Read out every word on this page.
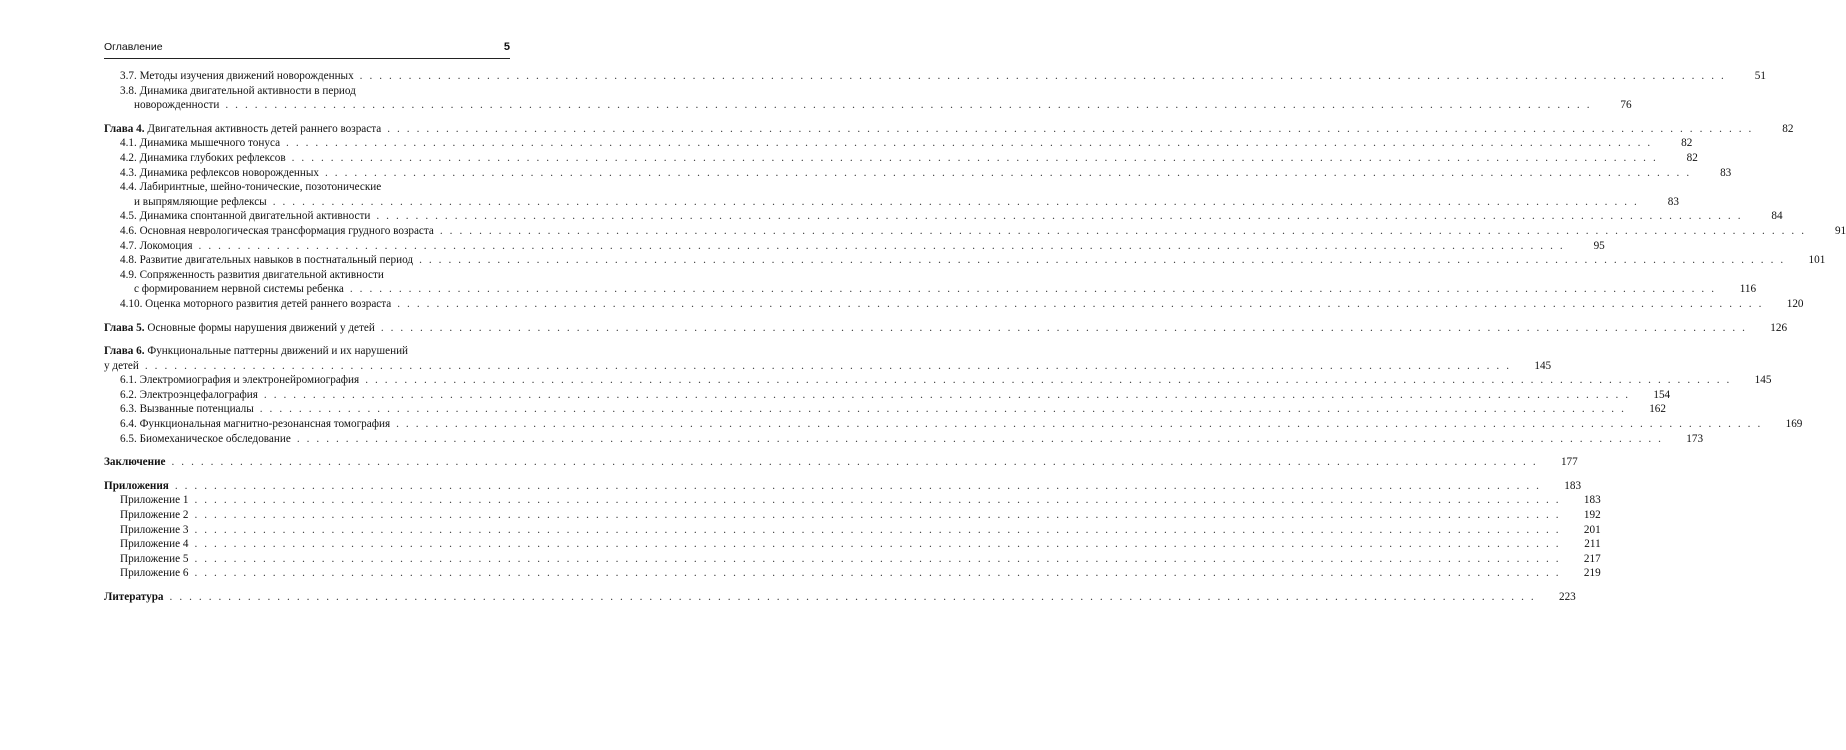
Оглавление	5
3.7. Методы изучения движений новорожденных . . . . . . . . . . . . . . . . . . . . . . . . . . . . . . . . . . . . . . . . . . . . . . . . . . . . . . . . . . . . . . . . . . . . . . . . . . . . . . . . . . . . . . . . . . . . . . . . . . . . . . . . . . . . . . . . . . . . . . . . . . . . . . . . . . . . . . . . . . . .	51
3.8. Динамика двигательной активности в период
новорожденности . . . . . . . . . . . . . . . . . . . . . . . . . . . . . . . . . . . . . . . . . . . . . . . . . . . . . . . . . . . . . . . . . . . . . . . . . . . . . . . . . . . . . . . . . . . . . . . . . . . . . . . . . . . . . . . . . . . . . . . . . . . . . . . . . . . . . . . . . . . .	76
Глава 4. Двигательная активность детей раннего возраста . . . . . . . . . . . . . . . . . . . . . . . . . . . . . . . . . . . . . . . . . . . . . . . . . . . . . . . . . . . . . . . . . . . . . . . . . . . . . . . . . . . . . . . . . . . . . . . . . . . . . . . . . . . . . . . . . . . . . . . . . . . . . . . . . . . . . . . . . . . .	82
4.1. Динамика мышечного тонуса . . . . . . . . . . . . . . . . . . . . . . . . . . . . . . . . . . . . . . . . . . . . . . . . . . . . . . . . . . . . . . . . . . . . . . . . . . . . . . . . . . . . . . . . . . . . . . . . . . . . . . . . . . . . . . . . . . . . . . . . . . . . . . . . . . . . . . . . . . . .	82
4.2. Динамика глубоких рефлексов . . . . . . . . . . . . . . . . . . . . . . . . . . . . . . . . . . . . . . . . . . . . . . . . . . . . . . . . . . . . . . . . . . . . . . . . . . . . . . . . . . . . . . . . . . . . . . . . . . . . . . . . . . . . . . . . . . . . . . . . . . . . . . . . . . . . . . . . . . . .	82
4.3. Динамика рефлексов новорожденных . . . . . . . . . . . . . . . . . . . . . . . . . . . . . . . . . . . . . . . . . . . . . . . . . . . . . . . . . . . . . . . . . . . . . . . . . . . . . . . . . . . . . . . . . . . . . . . . . . . . . . . . . . . . . . . . . . . . . . . . . . . . . . . . . . . . . . . . . . . .	83
4.4. Лабиринтные, шейно-тонические, позотонические
и выпрямляющие рефлексы . . . . . . . . . . . . . . . . . . . . . . . . . . . . . . . . . . . . . . . . . . . . . . . . . . . . . . . . . . . . . . . . . . . . . . . . . . . . . . . . . . . . . . . . . . . . . . . . . . . . . . . . . . . . . . . . . . . . . . . . . . . . . . . . . . . . . . . . . . . .	83
4.5. Динамика спонтанной двигательной активности . . . . . . . . . . . . . . . . . . . . . . . . . . . . . . . . . . . . . . . . . . . . . . . . . . . . . . . . . . . . . . . . . . . . . . . . . . . . . . . . . . . . . . . . . . . . . . . . . . . . . . . . . . . . . . . . . . . . . . . . . . . . . . . . . . . . . . . . . . . .	84
4.6. Основная неврологическая трансформация грудного возраста . . . . . . . . . . . . . . . . . . . . . . . . . . . . . . . . . . . . . . . . . . . . . . . . . . . . . . . . . . . . . . . . . . . . . . . . . . . . . . . . . . . . . . . . . . . . . . . . . . . . . . . . . . . . . . . . . . . . . . . . . . . . . . . . . . . . . . . . . . . .	91
4.7. Локомоция . . . . . . . . . . . . . . . . . . . . . . . . . . . . . . . . . . . . . . . . . . . . . . . . . . . . . . . . . . . . . . . . . . . . . . . . . . . . . . . . . . . . . . . . . . . . . . . . . . . . . . . . . . . . . . . . . . . . . . . . . . . . . . . . . . . . . . . . . . . .	95
4.8. Развитие двигательных навыков в постнатальный период . . . . . . . . . . . . . . . . . . . . . . . . . . . . . . . . . . . . . . . . . . . . . . . . . . . . . . . . . . . . . . . . . . . . . . . . . . . . . . . . . . . . . . . . . . . . . . . . . . . . . . . . . . . . . . . . . . . . . . . . . . . . . . . . . . . . . . . . . . . .	101
4.9. Сопряженность развития двигательной активности
с формированием нервной системы ребенка . . . . . . . . . . . . . . . . . . . . . . . . . . . . . . . . . . . . . . . . . . . . . . . . . . . . . . . . . . . . . . . . . . . . . . . . . . . . . . . . . . . . . . . . . . . . . . . . . . . . . . . . . . . . . . . . . . . . . . . . . . . . . . . . . . . . . . . . . . . .	116
4.10. Оценка моторного развития детей раннего возраста . . . . . . . . . . . . . . . . . . . . . . . . . . . . . . . . . . . . . . . . . . . . . . . . . . . . . . . . . . . . . . . . . . . . . . . . . . . . . . . . . . . . . . . . . . . . . . . . . . . . . . . . . . . . . . . . . . . . . . . . . . . . . . . . . . . . . . . . . . . .	120
Глава 5. Основные формы нарушения движений у детей . . . . . . . . . . . . . . . . . . . . . . . . . . . . . . . . . . . . . . . . . . . . . . . . . . . . . . . . . . . . . . . . . . . . . . . . . . . . . . . . . . . . . . . . . . . . . . . . . . . . . . . . . . . . . . . . . . . . . . . . . . . . . . . . . . . . . . . . . . . .	126
Глава 6. Функциональные паттерны движений и их нарушений
у детей . . . . . . . . . . . . . . . . . . . . . . . . . . . . . . . . . . . . . . . . . . . . . . . . . . . . . . . . . . . . . . . . . . . . . . . . . . . . . . . . . . . . . . . . . . . . . . . . . . . . . . . . . . . . . . . . . . . . . . . . . . . . . . . . . . . . . . . . . . . .	145
6.1. Электромиография и электронейромиография . . . . . . . . . . . . . . . . . . . . . . . . . . . . . . . . . . . . . . . . . . . . . . . . . . . . . . . . . . . . . . . . . . . . . . . . . . . . . . . . . . . . . . . . . . . . . . . . . . . . . . . . . . . . . . . . . . . . . . . . . . . . . . . . . . . . . . . . . . . .	145
6.2. Электроэнцефалография . . . . . . . . . . . . . . . . . . . . . . . . . . . . . . . . . . . . . . . . . . . . . . . . . . . . . . . . . . . . . . . . . . . . . . . . . . . . . . . . . . . . . . . . . . . . . . . . . . . . . . . . . . . . . . . . . . . . . . . . . . . . . . . . . . . . . . . . . . . .	154
6.3. Вызванные потенциалы . . . . . . . . . . . . . . . . . . . . . . . . . . . . . . . . . . . . . . . . . . . . . . . . . . . . . . . . . . . . . . . . . . . . . . . . . . . . . . . . . . . . . . . . . . . . . . . . . . . . . . . . . . . . . . . . . . . . . . . . . . . . . . . . . . . . . . . . . . . .	162
6.4. Функциональная магнитно-резонансная томография . . . . . . . . . . . . . . . . . . . . . . . . . . . . . . . . . . . . . . . . . . . . . . . . . . . . . . . . . . . . . . . . . . . . . . . . . . . . . . . . . . . . . . . . . . . . . . . . . . . . . . . . . . . . . . . . . . . . . . . . . . . . . . . . . . . . . . . . . . . .	169
6.5. Биомеханическое обследование . . . . . . . . . . . . . . . . . . . . . . . . . . . . . . . . . . . . . . . . . . . . . . . . . . . . . . . . . . . . . . . . . . . . . . . . . . . . . . . . . . . . . . . . . . . . . . . . . . . . . . . . . . . . . . . . . . . . . . . . . . . . . . . . . . . . . . . . . . . .	173
Заключение . . . . . . . . . . . . . . . . . . . . . . . . . . . . . . . . . . . . . . . . . . . . . . . . . . . . . . . . . . . . . . . . . . . . . . . . . . . . . . . . . . . . . . . . . . . . . . . . . . . . . . . . . . . . . . . . . . . . . . . . . . . . . . . . . . . . . . . . . . . .	177
Приложения . . . . . . . . . . . . . . . . . . . . . . . . . . . . . . . . . . . . . . . . . . . . . . . . . . . . . . . . . . . . . . . . . . . . . . . . . . . . . . . . . . . . . . . . . . . . . . . . . . . . . . . . . . . . . . . . . . . . . . . . . . . . . . . . . . . . . . . . . . . .	183
Приложение 1 . . . . . . . . . . . . . . . . . . . . . . . . . . . . . . . . . . . . . . . . . . . . . . . . . . . . . . . . . . . . . . . . . . . . . . . . . . . . . . . . . . . . . . . . . . . . . . . . . . . . . . . . . . . . . . . . . . . . . . . . . . . . . . . . . . . . . . . . . . . .	183
Приложение 2 . . . . . . . . . . . . . . . . . . . . . . . . . . . . . . . . . . . . . . . . . . . . . . . . . . . . . . . . . . . . . . . . . . . . . . . . . . . . . . . . . . . . . . . . . . . . . . . . . . . . . . . . . . . . . . . . . . . . . . . . . . . . . . . . . . . . . . . . . . . .	192
Приложение 3 . . . . . . . . . . . . . . . . . . . . . . . . . . . . . . . . . . . . . . . . . . . . . . . . . . . . . . . . . . . . . . . . . . . . . . . . . . . . . . . . . . . . . . . . . . . . . . . . . . . . . . . . . . . . . . . . . . . . . . . . . . . . . . . . . . . . . . . . . . . .	201
Приложение 4 . . . . . . . . . . . . . . . . . . . . . . . . . . . . . . . . . . . . . . . . . . . . . . . . . . . . . . . . . . . . . . . . . . . . . . . . . . . . . . . . . . . . . . . . . . . . . . . . . . . . . . . . . . . . . . . . . . . . . . . . . . . . . . . . . . . . . . . . . . . .	211
Приложение 5 . . . . . . . . . . . . . . . . . . . . . . . . . . . . . . . . . . . . . . . . . . . . . . . . . . . . . . . . . . . . . . . . . . . . . . . . . . . . . . . . . . . . . . . . . . . . . . . . . . . . . . . . . . . . . . . . . . . . . . . . . . . . . . . . . . . . . . . . . . . .	217
Приложение 6 . . . . . . . . . . . . . . . . . . . . . . . . . . . . . . . . . . . . . . . . . . . . . . . . . . . . . . . . . . . . . . . . . . . . . . . . . . . . . . . . . . . . . . . . . . . . . . . . . . . . . . . . . . . . . . . . . . . . . . . . . . . . . . . . . . . . . . . . . . . .	219
Литература . . . . . . . . . . . . . . . . . . . . . . . . . . . . . . . . . . . . . . . . . . . . . . . . . . . . . . . . . . . . . . . . . . . . . . . . . . . . . . . . . . . . . . . . . . . . . . . . . . . . . . . . . . . . . . . . . . . . . . . . . . . . . . . . . . . . . . . . . . . .	223
